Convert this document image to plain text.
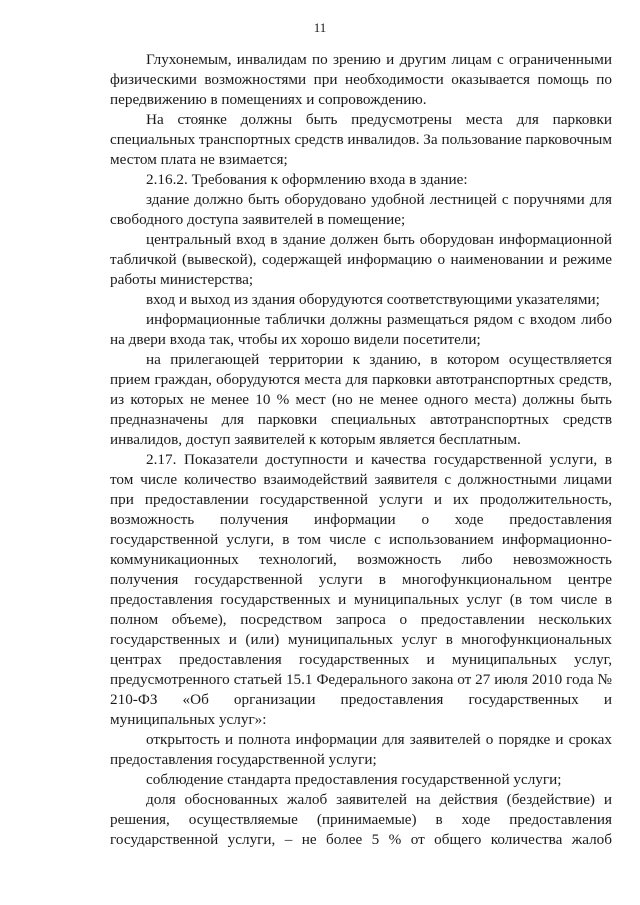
11

Глухонемым, инвалидам по зрению и другим лицам с ограниченными физическими возможностями при необходимости оказывается помощь по передвижению в помещениях и сопровождению.

На стоянке должны быть предусмотрены места для парковки специальных транспортных средств инвалидов. За пользование парковочным местом плата не взимается;

2.16.2. Требования к оформлению входа в здание:

здание должно быть оборудовано удобной лестницей с поручнями для свободного доступа заявителей в помещение;

центральный вход в здание должен быть оборудован информационной табличкой (вывеской), содержащей информацию о наименовании и режиме работы министерства;

вход и выход из здания оборудуются соответствующими указателями;

информационные таблички должны размещаться рядом с входом либо на двери входа так, чтобы их хорошо видели посетители;

на прилегающей территории к зданию, в котором осуществляется прием граждан, оборудуются места для парковки автотранспортных средств, из которых не менее 10 % мест (но не менее одного места) должны быть предназначены для парковки специальных автотранспортных средств инвалидов, доступ заявителей к которым является бесплатным.

2.17. Показатели доступности и качества государственной услуги, в том числе количество взаимодействий заявителя с должностными лицами при предоставлении государственной услуги и их продолжительность, возможность получения информации о ходе предоставления государственной услуги, в том числе с использованием информационно-коммуникационных технологий, возможность либо невозможность получения государственной услуги в многофункциональном центре предоставления государственных и муниципальных услуг (в том числе в полном объеме), посредством запроса о предоставлении нескольких государственных и (или) муниципальных услуг в многофункциональных центрах предоставления государственных и муниципальных услуг, предусмотренного статьей 15.1 Федерального закона от 27 июля 2010 года № 210-ФЗ «Об организации предоставления государственных и муниципальных услуг»:

открытость и полнота информации для заявителей о порядке и сроках предоставления государственной услуги;

соблюдение стандарта предоставления государственной услуги;

доля обоснованных жалоб заявителей на действия (бездействие) и решения, осуществляемые (принимаемые) в ходе предоставления государственной услуги, – не более 5 % от общего количества жалоб
